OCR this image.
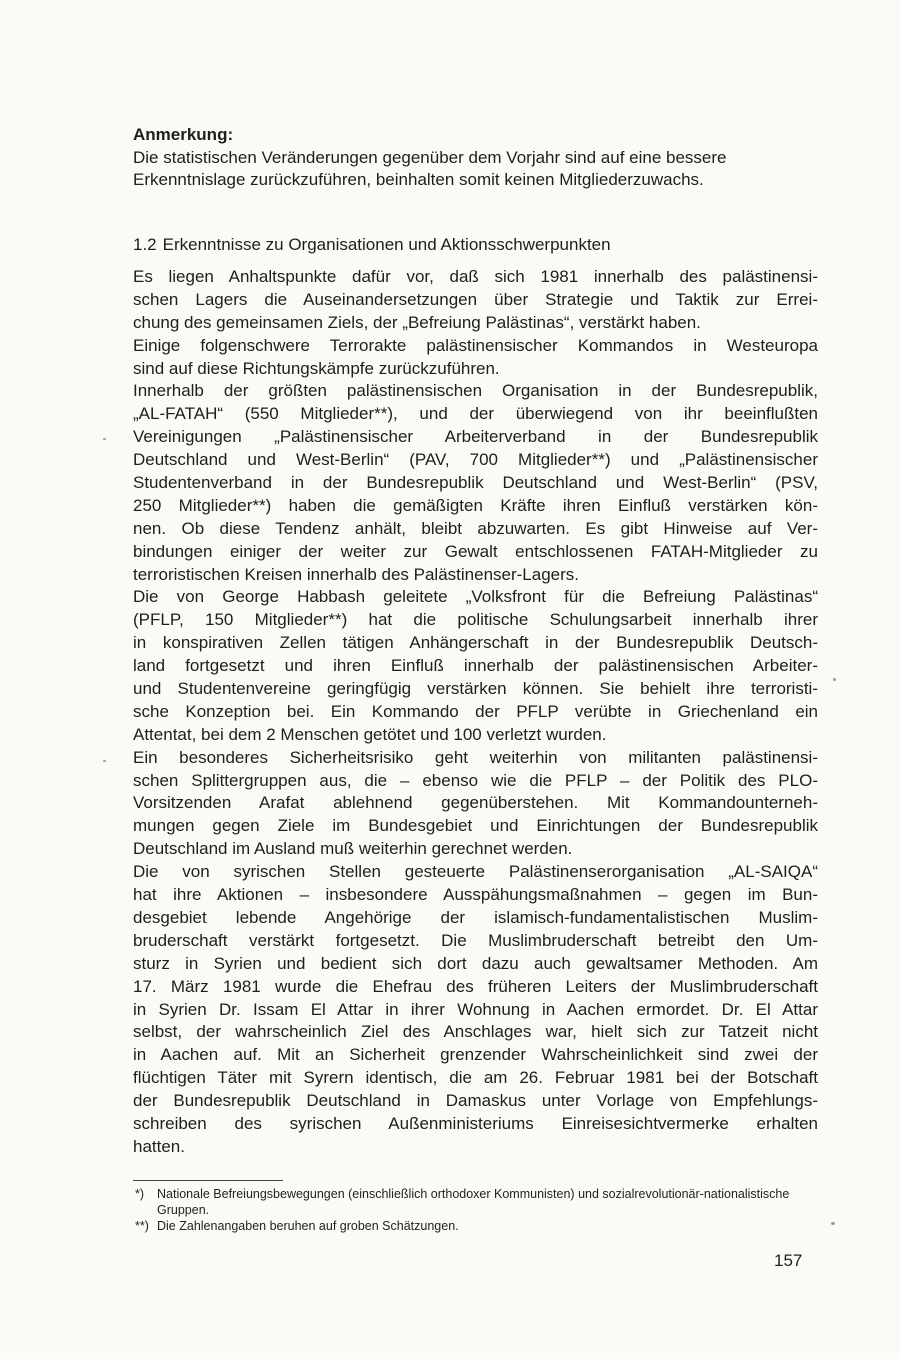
Anmerkung:
Die statistischen Veränderungen gegenüber dem Vorjahr sind auf eine bessere Erkenntnislage zurückzuführen, beinhalten somit keinen Mitgliederzuwachs.
1.2 Erkenntnisse zu Organisationen und Aktionsschwerpunkten
Es liegen Anhaltspunkte dafür vor, daß sich 1981 innerhalb des palästinensi-
schen Lagers die Auseinandersetzungen über Strategie und Taktik zur Errei-
chung des gemeinsamen Ziels, der „Befreiung Palästinas“, verstärkt haben.
Einige folgenschwere Terrorakte palästinensischer Kommandos in Westeuropa
sind auf diese Richtungskämpfe zurückzuführen.
Innerhalb der größten palästinensischen Organisation in der Bundesrepublik,
„AL-FATAH“ (550 Mitglieder**), und der überwiegend von ihr beeinflußten
Vereinigungen „Palästinensischer Arbeiterverband in der Bundesrepublik
Deutschland und West-Berlin“ (PAV, 700 Mitglieder**) und „Palästinensischer
Studentenverband in der Bundesrepublik Deutschland und West-Berlin“ (PSV,
250 Mitglieder**) haben die gemäßigten Kräfte ihren Einfluß verstärken kön-
nen. Ob diese Tendenz anhält, bleibt abzuwarten. Es gibt Hinweise auf Ver-
bindungen einiger der weiter zur Gewalt entschlossenen FATAH-Mitglieder zu
terroristischen Kreisen innerhalb des Palästinenser-Lagers.
Die von George Habbash geleitete „Volksfront für die Befreiung Palästinas“
(PFLP, 150 Mitglieder**) hat die politische Schulungsarbeit innerhalb ihrer
in konspirativen Zellen tätigen Anhängerschaft in der Bundesrepublik Deutsch-
land fortgesetzt und ihren Einfluß innerhalb der palästinensischen Arbeiter-
und Studentenvereine geringfügig verstärken können. Sie behielt ihre terroristi-
sche Konzeption bei. Ein Kommando der PFLP verübte in Griechenland ein
Attentat, bei dem 2 Menschen getötet und 100 verletzt wurden.
Ein besonderes Sicherheitsrisiko geht weiterhin von militanten palästinensi-
schen Splittergruppen aus, die – ebenso wie die PFLP – der Politik des PLO-
Vorsitzenden Arafat ablehnend gegenüberstehen. Mit Kommandounterneh-
mungen gegen Ziele im Bundesgebiet und Einrichtungen der Bundesrepublik
Deutschland im Ausland muß weiterhin gerechnet werden.
Die von syrischen Stellen gesteuerte Palästinenserorganisation „AL-SAIQA“
hat ihre Aktionen – insbesondere Ausspähungsmaßnahmen – gegen im Bun-
desgebiet lebende Angehörige der islamisch-fundamentalistischen Muslim-
bruderschaft verstärkt fortgesetzt. Die Muslimbruderschaft betreibt den Um-
sturz in Syrien und bedient sich dort dazu auch gewaltsamer Methoden. Am
17. März 1981 wurde die Ehefrau des früheren Leiters der Muslimbruderschaft
in Syrien Dr. Issam El Attar in ihrer Wohnung in Aachen ermordet. Dr. El Attar
selbst, der wahrscheinlich Ziel des Anschlages war, hielt sich zur Tatzeit nicht
in Aachen auf. Mit an Sicherheit grenzender Wahrscheinlichkeit sind zwei der
flüchtigen Täter mit Syrern identisch, die am 26. Februar 1981 bei der Botschaft
der Bundesrepublik Deutschland in Damaskus unter Vorlage von Empfehlungs-
schreiben des syrischen Außenministeriums Einreisesichtvermerke erhalten
hatten.
*)	Nationale Befreiungsbewegungen (einschließlich orthodoxer Kommunisten) und sozialrevolutionär-nationalistische Gruppen.
**) Die Zahlenangaben beruhen auf groben Schätzungen.
157
